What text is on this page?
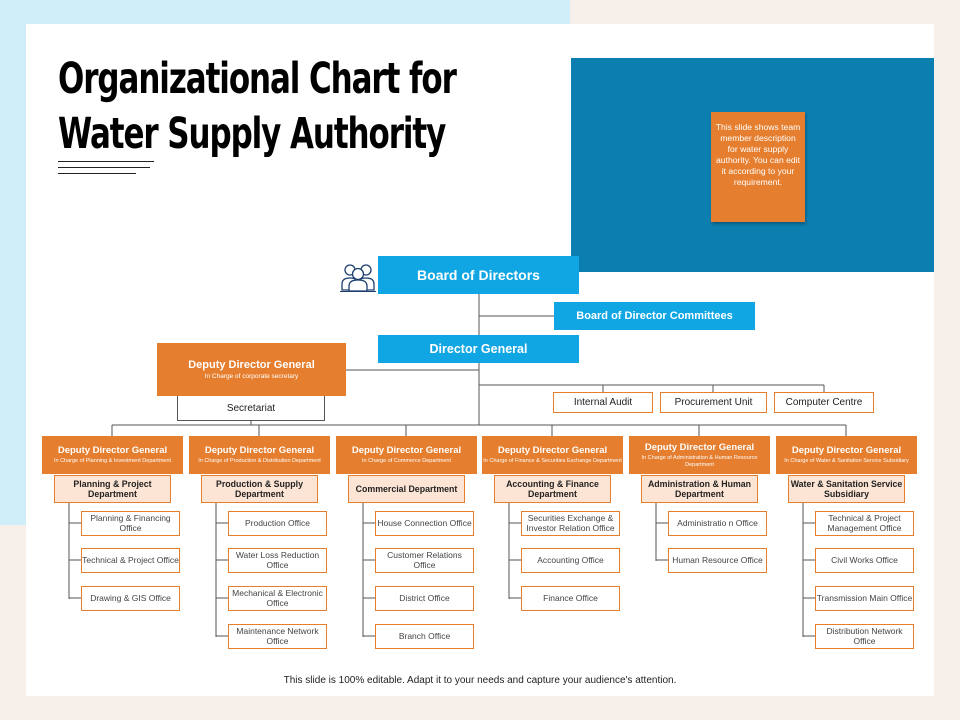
Organizational Chart for
Water Supply Authority	This slide shows team member description for water supply authority. You can edit it according to your requirement.
Board of Directors
Board of Director Committees
Director General
Deputy Director General
In Charge of corporate secretary
Secretariat	Internal Audit	Procurement Unit	Computer Centre
Deputy Director General
In Charge of Planning & Investment Department
Planning & Project Department
Planning & Financing Office
Technical & Project Office
Drawing & GIS Office
Deputy Director General
In Charge of Production & Distribution Department
Production & Supply Department
Production Office
Water Loss Reduction Office
Mechanical & Electronic Office
Maintenance Network Office
Deputy Director General
In Charge of Commerce Department
Commercial Department
House Connection Office
Customer Relations Office
District Office
Branch Office
Deputy Director General
In Charge of Finance & Securities Exchange Department
Accounting & Finance Department
Securities Exchange & Investor Relation Office
Accounting Office
Finance Office
Deputy Director General
In Charge of Administration & Human Resource Department
Administration & Human Department
Administratio n Office
Human Resource Office
Deputy Director General
In Charge of Water & Sanitation Service Subsidiary
Water & Sanitation Service Subsidiary
Technical & Project Management Office
Civil Works Office
Transmission Main Office
Distribution Network Office
This slide is 100% editable. Adapt it to your needs and capture your audience's attention.
